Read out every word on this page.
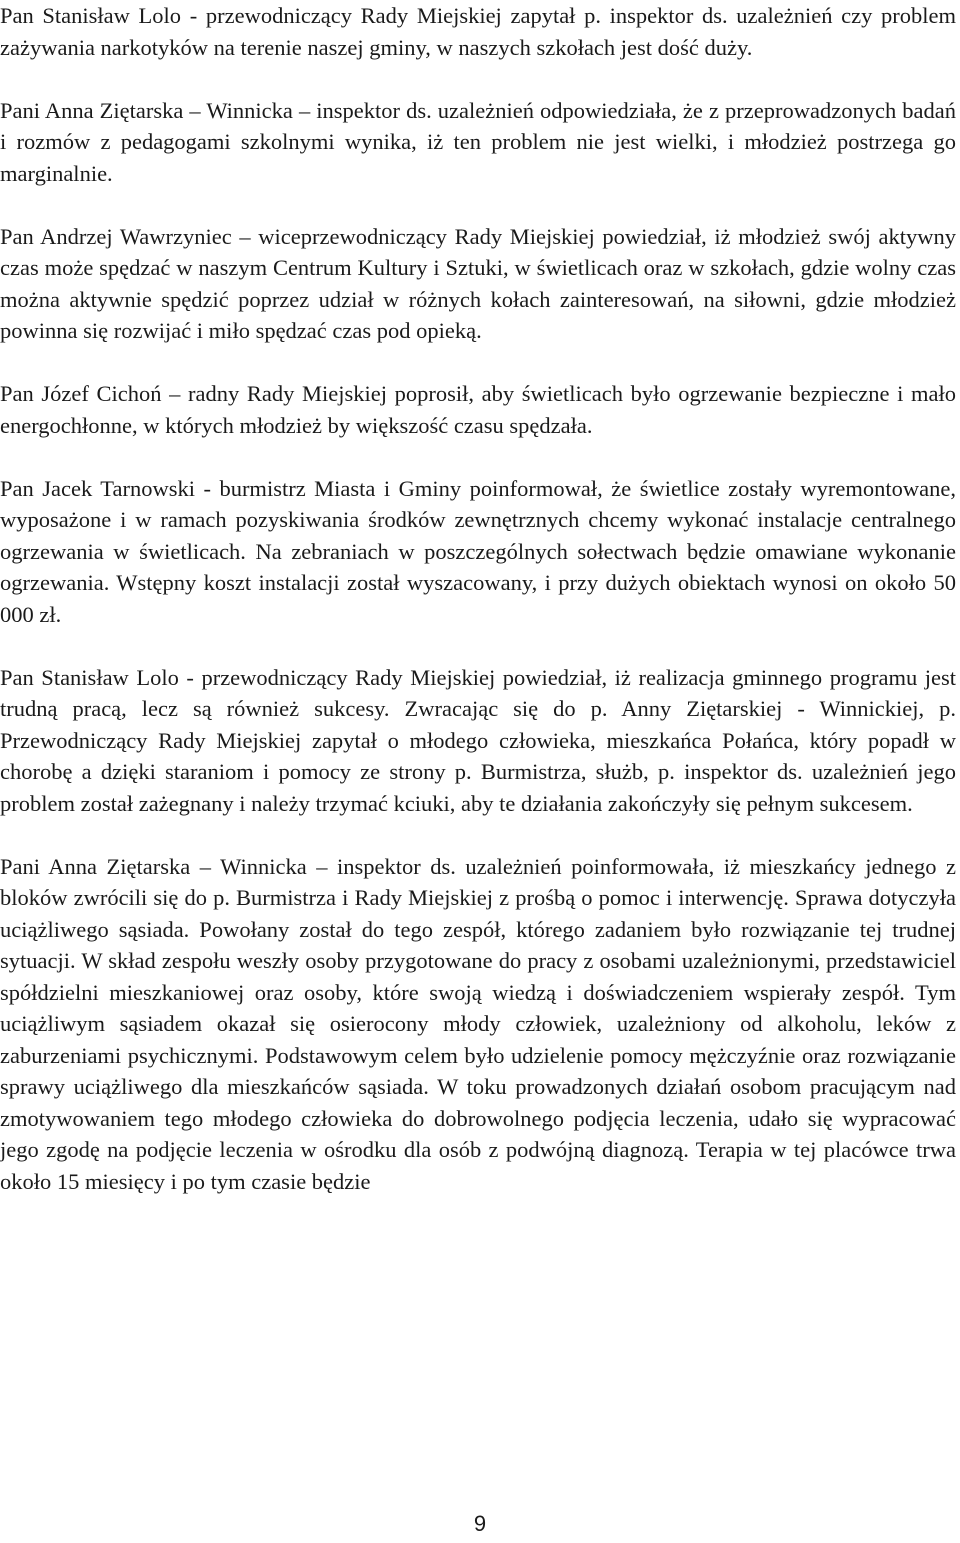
Pan Stanisław Lolo - przewodniczący Rady Miejskiej zapytał p. inspektor ds. uzależnień czy problem zażywania narkotyków na terenie naszej gminy, w naszych szkołach jest dość duży.

Pani Anna Ziętarska – Winnicka – inspektor ds. uzależnień odpowiedziała, że z przeprowadzonych badań i rozmów z pedagogami szkolnymi wynika, iż ten problem nie jest wielki, i młodzież postrzega go marginalnie.

Pan Andrzej Wawrzyniec – wiceprzewodniczący Rady Miejskiej powiedział, iż młodzież swój aktywny czas może spędzać w naszym Centrum Kultury i Sztuki, w świetlicach oraz w szkołach, gdzie wolny czas można aktywnie spędzić poprzez udział w różnych kołach zainteresowań, na siłowni, gdzie młodzież powinna się rozwijać i miło spędzać czas pod opieką.

Pan Józef Cichoń – radny Rady Miejskiej poprosił, aby świetlicach było ogrzewanie bezpieczne i mało energochłonne, w których młodzież by większość czasu spędzała.

Pan Jacek Tarnowski - burmistrz Miasta i Gminy poinformował, że świetlice zostały wyremontowane, wyposażone i w ramach pozyskiwania środków zewnętrznych chcemy wykonać instalacje centralnego ogrzewania w świetlicach. Na zebraniach w poszczególnych sołectwach będzie omawiane wykonanie ogrzewania. Wstępny koszt instalacji został wyszacowany, i przy dużych obiektach wynosi on około 50 000 zł.

Pan Stanisław Lolo - przewodniczący Rady Miejskiej powiedział, iż realizacja gminnego programu jest trudną pracą, lecz są również sukcesy. Zwracając się do p. Anny Ziętarskiej - Winnickiej, p. Przewodniczący Rady Miejskiej zapytał o młodego człowieka, mieszkańca Połańca, który popadł w chorobę a dzięki staraniom i pomocy ze strony p. Burmistrza, służb, p. inspektor ds. uzależnień jego problem został zażegnany i należy trzymać kciuki, aby te działania zakończyły się pełnym sukcesem.

Pani Anna Ziętarska – Winnicka – inspektor ds. uzależnień poinformowała, iż mieszkańcy jednego z bloków zwrócili się do p. Burmistrza i Rady Miejskiej z prośbą o pomoc i interwencję. Sprawa dotyczyła uciążliwego sąsiada. Powołany został do tego zespół, którego zadaniem było rozwiązanie tej trudnej sytuacji. W skład zespołu weszły osoby przygotowane do pracy z osobami uzależnionymi, przedstawiciel spółdzielni mieszkaniowej oraz osoby, które swoją wiedzą i doświadczeniem wspierały zespół. Tym uciążliwym sąsiadem okazał się osierocony młody człowiek, uzależniony od alkoholu, leków z zaburzeniami psychicznymi. Podstawowym celem było udzielenie pomocy mężczyźnie oraz rozwiązanie sprawy uciążliwego dla mieszkańców sąsiada. W toku prowadzonych działań osobom pracującym nad zmotywowaniem tego młodego człowieka do dobrowolnego podjęcia leczenia, udało się wypracować jego zgodę na podjęcie leczenia w ośrodku dla osób z podwójną diagnozą. Terapia w tej placówce trwa około 15 miesięcy i po tym czasie będzie

9
